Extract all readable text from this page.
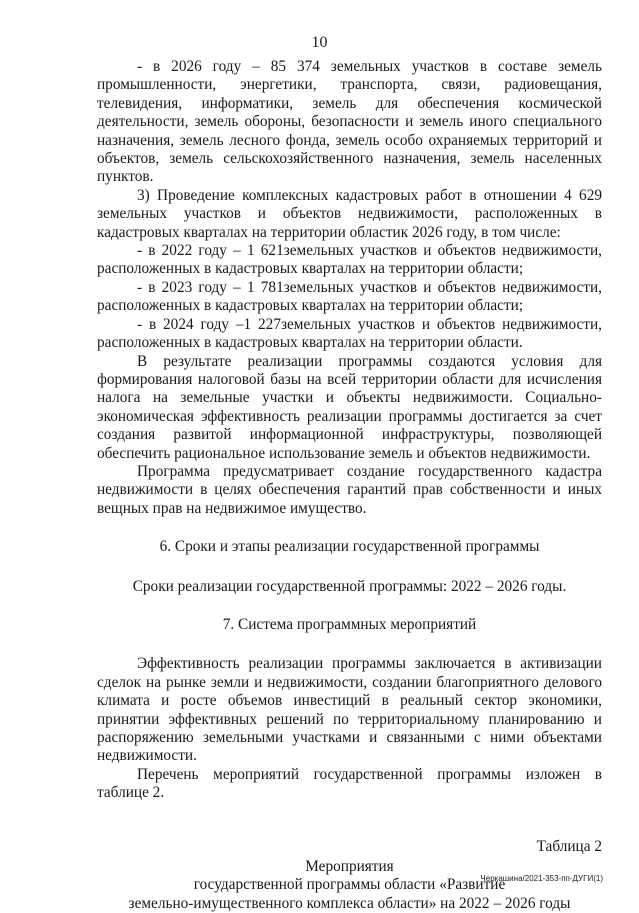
10

- в 2026 году – 85 374 земельных участков в составе земель промышленности, энергетики, транспорта, связи, радиовещания, телевидения, информатики, земель для обеспечения космической деятельности, земель обороны, безопасности и земель иного специального назначения, земель лесного фонда, земель особо охраняемых территорий и объектов, земель сельскохозяйственного назначения, земель населенных пунктов.

3) Проведение комплексных кадастровых работ в отношении 4 629 земельных участков и объектов недвижимости, расположенных в кадастровых кварталах на территории областик 2026 году, в том числе:

- в 2022 году – 1 621земельных участков и объектов недвижимости, расположенных в кадастровых кварталах на территории области;

- в 2023 году – 1 781земельных участков и объектов недвижимости, расположенных в кадастровых кварталах на территории области;

- в 2024 году –1 227земельных участков и объектов недвижимости, расположенных в кадастровых кварталах на территории области.

В результате реализации программы создаются условия для формирования налоговой базы на всей территории области для исчисления налога на земельные участки и объекты недвижимости. Социально-экономическая эффективность реализации программы достигается за счет создания развитой информационной инфраструктуры, позволяющей обеспечить рациональное использование земель и объектов недвижимости.

Программа предусматривает создание государственного кадастра недвижимости в целях обеспечения гарантий прав собственности и иных вещных прав на недвижимое имущество.

6. Сроки и этапы реализации государственной программы

Сроки реализации государственной программы: 2022 – 2026 годы.

7. Система программных мероприятий

Эффективность реализации программы заключается в активизации сделок на рынке земли и недвижимости, создании благоприятного делового климата и росте объемов инвестиций в реальный сектор экономики, принятии эффективных решений по территориальному планированию и распоряжению земельными участками и связанными с ними объектами недвижимости.

Перечень мероприятий государственной программы изложен в таблице 2.

Таблица 2

Мероприятия

государственной программы области «Развитие

земельно-имущественного комплекса области» на 2022 – 2026 годы

Черкашина/2021-353-пп-ДУГИ(1)
